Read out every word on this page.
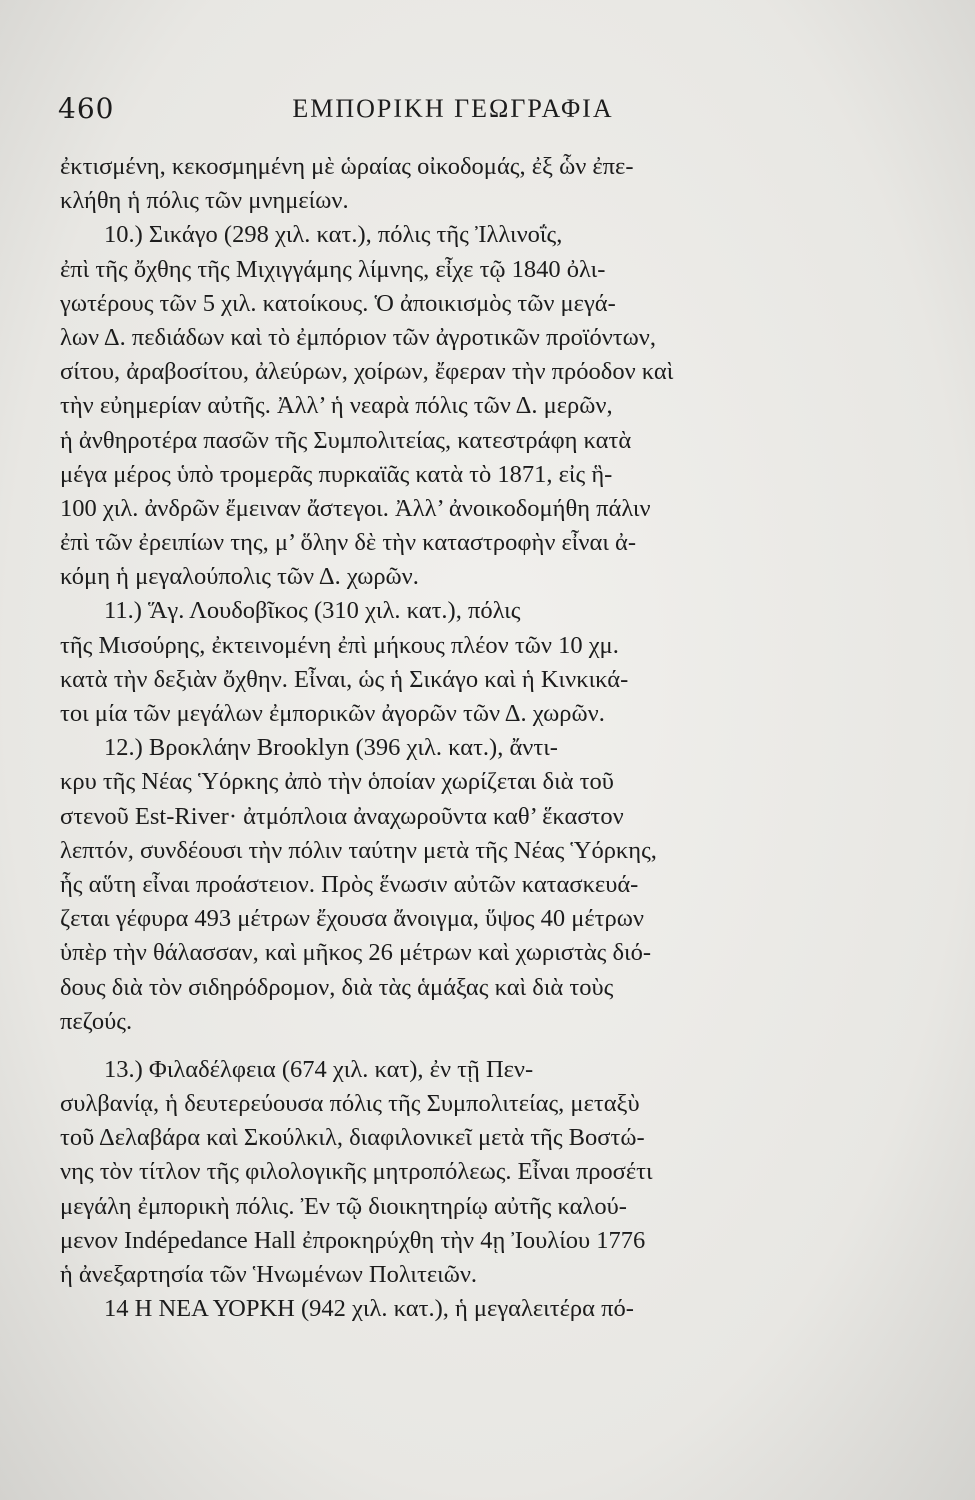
460	ΕΜΠΟΡΙΚΗ ΓΕΩΓΡΑΦΙΑ
ἐκτισμένη, κεκοσμημένη μὲ ὡραίας οἰκοδομάς, ἐξ ὧν ἐπε-
κλήθη ἡ πόλις τῶν μνημείων.
10.) Σικάγο (298 χιλ. κατ.), πόλις τῆς Ἰλλινοΐς,
ἐπὶ τῆς ὄχθης τῆς Μιχιγγάμης λίμνης, εἶχε τῷ 1840 ὀλι-
γωτέρους τῶν 5 χιλ. κατοίκους. Ὁ ἀποικισμὸς τῶν μεγά-
λων Δ. πεδιάδων καὶ τὸ ἐμπόριον τῶν ἀγροτικῶν προϊόντων,
σίτου, ἀραβοσίτου, ἀλεύρων, χοίρων, ἔφεραν τὴν πρόοδον καὶ
τὴν εὐημερίαν αὐτῆς. Ἀλλ’ ἡ νεαρὰ πόλις τῶν Δ. μερῶν,
ἡ ἀνθηροτέρα πασῶν τῆς Συμπολιτείας, κατεστράφη κατὰ
μέγα μέρος ὑπὸ τρομερᾶς πυρκαϊᾶς κατὰ τὸ 1871, εἰς ἣ-
100 χιλ. ἀνδρῶν ἔμειναν ἄστεγοι. Ἀλλ’ ἀνοικοδομήθη πάλιν
ἐπὶ τῶν ἐρειπίων της, μ’ ὅλην δὲ τὴν καταστροφὴν εἶναι ἀ-
κόμη ἡ μεγαλούπολις τῶν Δ. χωρῶν.
11.) Ἅγ. Λουδοβῖκος (310 χιλ. κατ.), πόλις
τῆς Μισούρης, ἐκτεινομένη ἐπὶ μήκους πλέον τῶν 10 χμ.
κατὰ τὴν δεξιὰν ὄχθην. Εἶναι, ὡς ἡ Σικάγο καὶ ἡ Κινκικά-
τοι μία τῶν μεγάλων ἐμπορικῶν ἀγορῶν τῶν Δ. χωρῶν.
12.) Βροκλάην Brooklyn (396 χιλ. κατ.), ἄντι-
κρυ τῆς Νέας Ὑόρκης ἀπὸ τὴν ὁποίαν χωρίζεται διὰ τοῦ
στενοῦ Est-River· ἀτμόπλοια ἀναχωροῦντα καθ’ ἕκαστον
λεπτόν, συνδέουσι τὴν πόλιν ταύτην μετὰ τῆς Νέας Ὑόρκης,
ἧς αὕτη εἶναι προάστειον. Πρὸς ἕνωσιν αὐτῶν κατασκευά-
ζεται γέφυρα 493 μέτρων ἔχουσα ἄνοιγμα, ὕψος 40 μέτρων
ὑπὲρ τὴν θάλασσαν, καὶ μῆκος 26 μέτρων καὶ χωριστὰς διό-
δους διὰ τὸν σιδηρόδρομον, διὰ τὰς ἁμάξας καὶ διὰ τοὺς
πεζούς.
13.) Φιλαδέλφεια (674 χιλ. κατ), ἐν τῇ Πεν-
συλβανίᾳ, ἡ δευτερεύουσα πόλις τῆς Συμπολιτείας, μεταξὺ
τοῦ Δελαβάρα καὶ Σκούλκιλ, διαφιλονικεῖ μετὰ τῆς Βοστώ-
νης τὸν τίτλον τῆς φιλολογικῆς μητροπόλεως. Εἶναι προσέτι
μεγάλη ἐμπορικὴ πόλις. Ἐν τῷ διοικητηρίῳ αὐτῆς καλού-
μενον Indépedance Hall ἐπροκηρύχθη τὴν 4ῃ Ἰουλίου 1776
ἡ ἀνεξαρτησία τῶν Ἡνωμένων Πολιτειῶν.
14 Η ΝΕΑ ΥΟΡΚΗ (942 χιλ. κατ.), ἡ μεγαλειτέρα πό-
